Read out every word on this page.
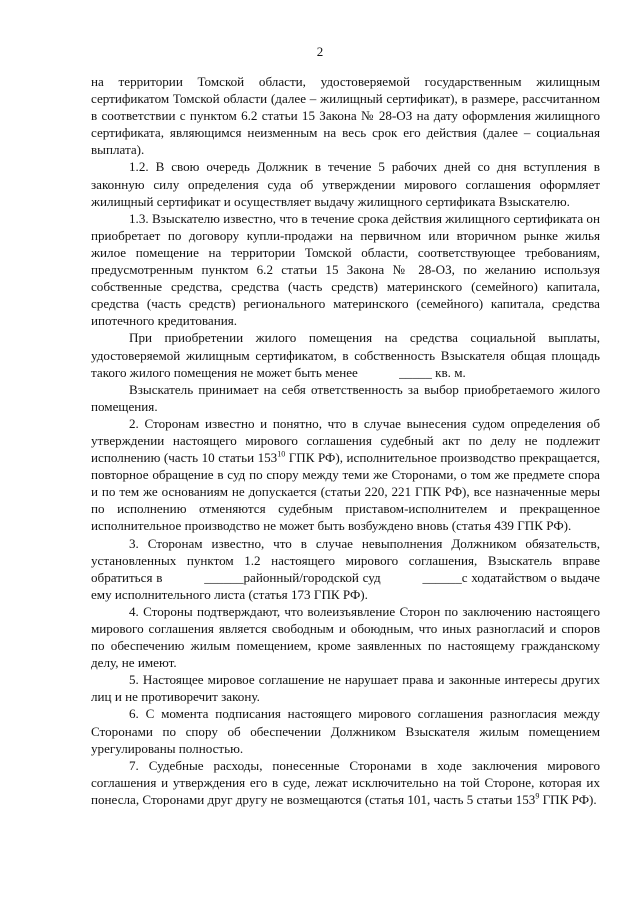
2

на территории Томской области, удостоверяемой государственным жилищным сертификатом Томской области (далее – жилищный сертификат), в размере, рассчитанном в соответствии с пунктом 6.2 статьи 15 Закона № 28-ОЗ на дату оформления жилищного сертификата, являющимся неизменным на весь срок его действия (далее – социальная выплата).

1.2. В свою очередь Должник в течение 5 рабочих дней со дня вступления в законную силу определения суда об утверждении мирового соглашения оформляет жилищный сертификат и осуществляет выдачу жилищного сертификата Взыскателю.

1.3. Взыскателю известно, что в течение срока действия жилищного сертификата он приобретает по договору купли-продажи на первичном или вторичном рынке жилья жилое помещение на территории Томской области, соответствующее требованиям, предусмотренным пунктом 6.2 статьи 15 Закона № 28-ОЗ, по желанию используя собственные средства, средства (часть средств) материнского (семейного) капитала, средства (часть средств) регионального материнского (семейного) капитала, средства ипотечного кредитования.

При приобретении жилого помещения на средства социальной выплаты, удостоверяемой жилищным сертификатом, в собственность Взыскателя общая площадь такого жилого помещения не может быть менее	_____ кв. м.

Взыскатель принимает на себя ответственность за выбор приобретаемого жилого помещения.

2. Сторонам известно и понятно, что в случае вынесения судом определения об утверждении настоящего мирового соглашения судебный акт по делу не подлежит исполнению (часть 10 статьи $153^{10}$ ГПК РФ), исполнительное производство прекращается, повторное обращение в суд по спору между теми же Сторонами, о том же предмете спора и по тем же основаниям не допускается (статьи 220, 221 ГПК РФ), все назначенные меры по исполнению отменяются судебным приставом-исполнителем и прекращенное исполнительное производство не может быть возбуждено вновь (статья 439 ГПК РФ).

3. Сторонам известно, что в случае невыполнения Должником обязательств, установленных пунктом 1.2 настоящего мирового соглашения, Взыскатель вправе обратиться в	______районный/городской суд	______с ходатайством о выдаче ему исполнительного листа (статья 173 ГПК РФ).

4. Стороны подтверждают, что волеизъявление Сторон по заключению настоящего мирового соглашения является свободным и обоюдным, что иных разногласий и споров по обеспечению жилым помещением, кроме заявленных по настоящему гражданскому делу, не имеют.

5. Настоящее мировое соглашение не нарушает права и законные интересы других лиц и не противоречит закону.

6. С момента подписания настоящего мирового соглашения разногласия между Сторонами по спору об обеспечении Должником Взыскателя жилым помещением урегулированы полностью.

7. Судебные расходы, понесенные Сторонами в ходе заключения мирового соглашения и утверждения его в суде, лежат исключительно на той Стороне, которая их понесла, Сторонами друг другу не возмещаются (статья 101, часть 5 статьи $153^9$ ГПК РФ).
